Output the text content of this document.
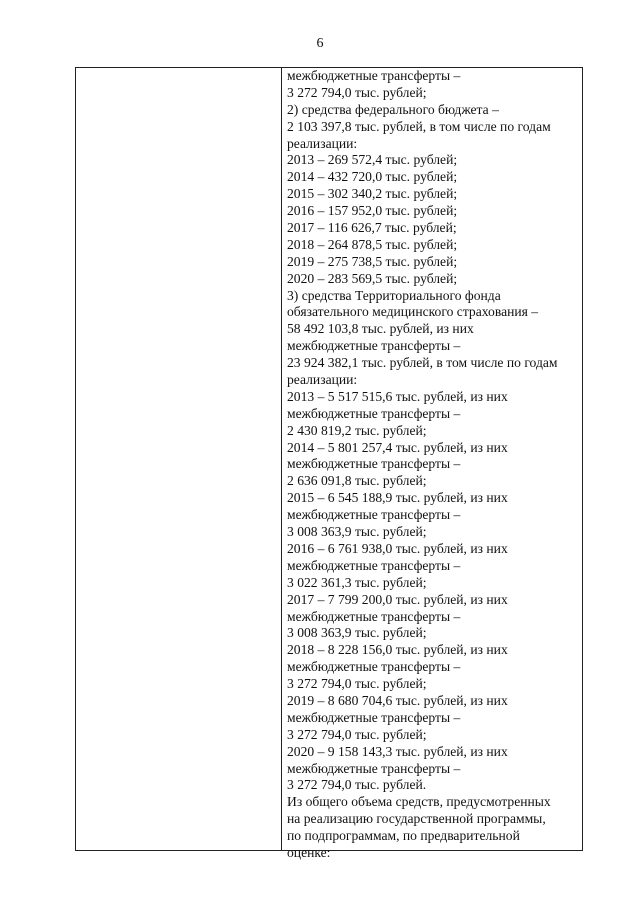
6
межбюджетные трансферты –
3 272 794,0 тыс. рублей;
2) средства федерального бюджета –
2 103 397,8 тыс. рублей, в том числе по годам
реализации:
2013 – 269 572,4 тыс. рублей;
2014 – 432 720,0 тыс. рублей;
2015 – 302 340,2 тыс. рублей;
2016 – 157 952,0 тыс. рублей;
2017 – 116 626,7 тыс. рублей;
2018 – 264 878,5 тыс. рублей;
2019 – 275 738,5 тыс. рублей;
2020 – 283 569,5 тыс. рублей;
3) средства Территориального фонда
обязательного медицинского страхования –
58 492 103,8 тыс. рублей, из них
межбюджетные трансферты –
23 924 382,1 тыс. рублей, в том числе по годам
реализации:
2013 – 5 517 515,6 тыс. рублей, из них
межбюджетные трансферты –
2 430 819,2 тыс. рублей;
2014 – 5 801 257,4 тыс. рублей, из них
межбюджетные трансферты –
2 636 091,8 тыс. рублей;
2015 – 6 545 188,9 тыс. рублей, из них
межбюджетные трансферты –
3 008 363,9 тыс. рублей;
2016 – 6 761 938,0 тыс. рублей, из них
межбюджетные трансферты –
3 022 361,3 тыс. рублей;
2017 – 7 799 200,0 тыс. рублей, из них
межбюджетные трансферты –
3 008 363,9 тыс. рублей;
2018 – 8 228 156,0 тыс. рублей, из них
межбюджетные трансферты –
3 272 794,0 тыс. рублей;
2019 – 8 680 704,6 тыс. рублей, из них
межбюджетные трансферты –
3 272 794,0 тыс. рублей;
2020 – 9 158 143,3 тыс. рублей, из них
межбюджетные трансферты –
3 272 794,0 тыс. рублей.
Из общего объема средств, предусмотренных
на реализацию государственной программы,
по подпрограммам, по предварительной
оценке:
